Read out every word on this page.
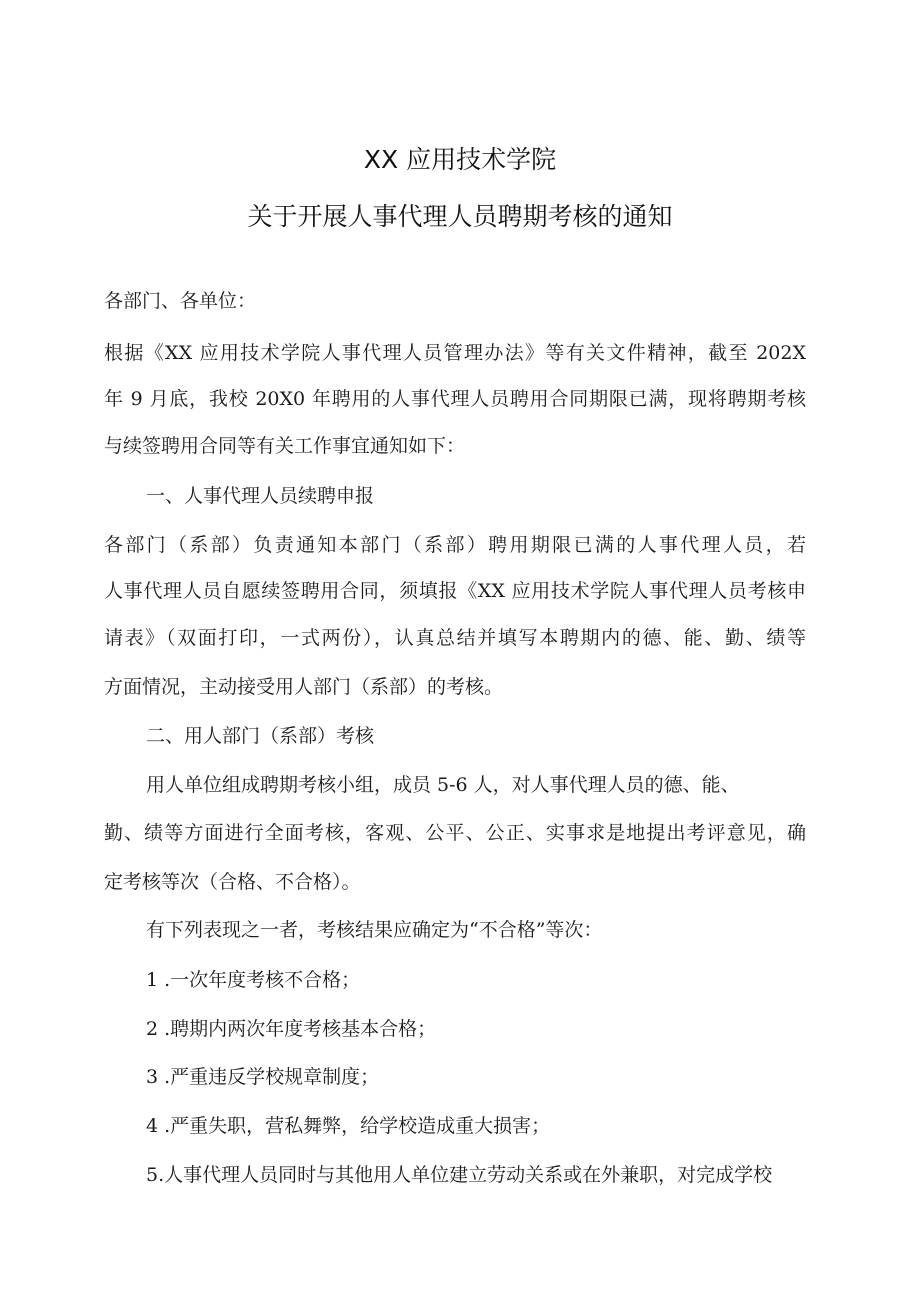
XX 应用技术学院
关于开展人事代理人员聘期考核的通知
各部门、各单位：
根据《XX 应用技术学院人事代理人员管理办法》等有关文件精神，截至 202X
年 9 月底，我校 20X0 年聘用的人事代理人员聘用合同期限已满，现将聘期考核
与续签聘用合同等有关工作事宜通知如下：
一、人事代理人员续聘申报
各部门（系部）负责通知本部门（系部）聘用期限已满的人事代理人员，若
人事代理人员自愿续签聘用合同，须填报《XX 应用技术学院人事代理人员考核申
请表》（双面打印，一式两份），认真总结并填写本聘期内的德、能、勤、绩等
方面情况，主动接受用人部门（系部）的考核。
二、用人部门（系部）考核
用人单位组成聘期考核小组，成员 5-6 人，对人事代理人员的德、能、
勤、绩等方面进行全面考核，客观、公平、公正、实事求是地提出考评意见，确
定考核等次（合格、不合格）。
有下列表现之一者，考核结果应确定为“不合格”等次：
1 .一次年度考核不合格；
2 .聘期内两次年度考核基本合格；
3 .严重违反学校规章制度；
4 .严重失职，营私舞弊，给学校造成重大损害；
5.人事代理人员同时与其他用人单位建立劳动关系或在外兼职，对完成学校
